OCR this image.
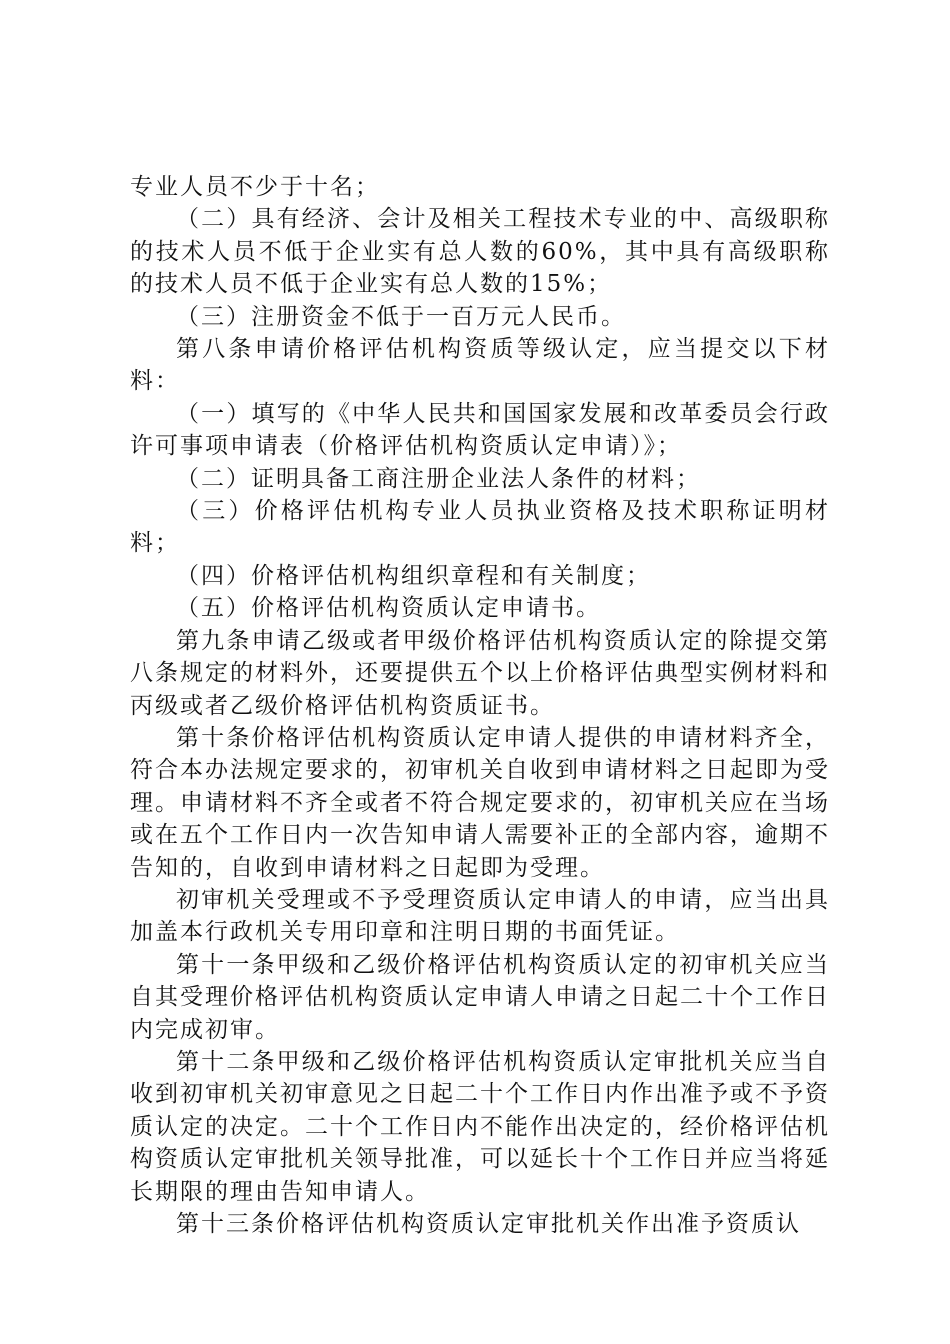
专业人员不少于十名；

（二）具有经济、会计及相关工程技术专业的中、高级职称的技术人员不低于企业实有总人数的60%，其中具有高级职称的技术人员不低于企业实有总人数的15%；

（三）注册资金不低于一百万元人民币。

第八条申请价格评估机构资质等级认定，应当提交以下材料：

（一）填写的《中华人民共和国国家发展和改革委员会行政许可事项申请表（价格评估机构资质认定申请）》；

（二）证明具备工商注册企业法人条件的材料；

（三）价格评估机构专业人员执业资格及技术职称证明材料；

（四）价格评估机构组织章程和有关制度；

（五）价格评估机构资质认定申请书。

第九条申请乙级或者甲级价格评估机构资质认定的除提交第八条规定的材料外，还要提供五个以上价格评估典型实例材料和丙级或者乙级价格评估机构资质证书。

第十条价格评估机构资质认定申请人提供的申请材料齐全，符合本办法规定要求的，初审机关自收到申请材料之日起即为受理。申请材料不齐全或者不符合规定要求的，初审机关应在当场或在五个工作日内一次告知申请人需要补正的全部内容，逾期不告知的，自收到申请材料之日起即为受理。

初审机关受理或不予受理资质认定申请人的申请，应当出具加盖本行政机关专用印章和注明日期的书面凭证。

第十一条甲级和乙级价格评估机构资质认定的初审机关应当自其受理价格评估机构资质认定申请人申请之日起二十个工作日内完成初审。

第十二条甲级和乙级价格评估机构资质认定审批机关应当自收到初审机关初审意见之日起二十个工作日内作出准予或不予资质认定的决定。二十个工作日内不能作出决定的，经价格评估机构资质认定审批机关领导批准，可以延长十个工作日并应当将延长期限的理由告知申请人。

第十三条价格评估机构资质认定审批机关作出准予资质认
